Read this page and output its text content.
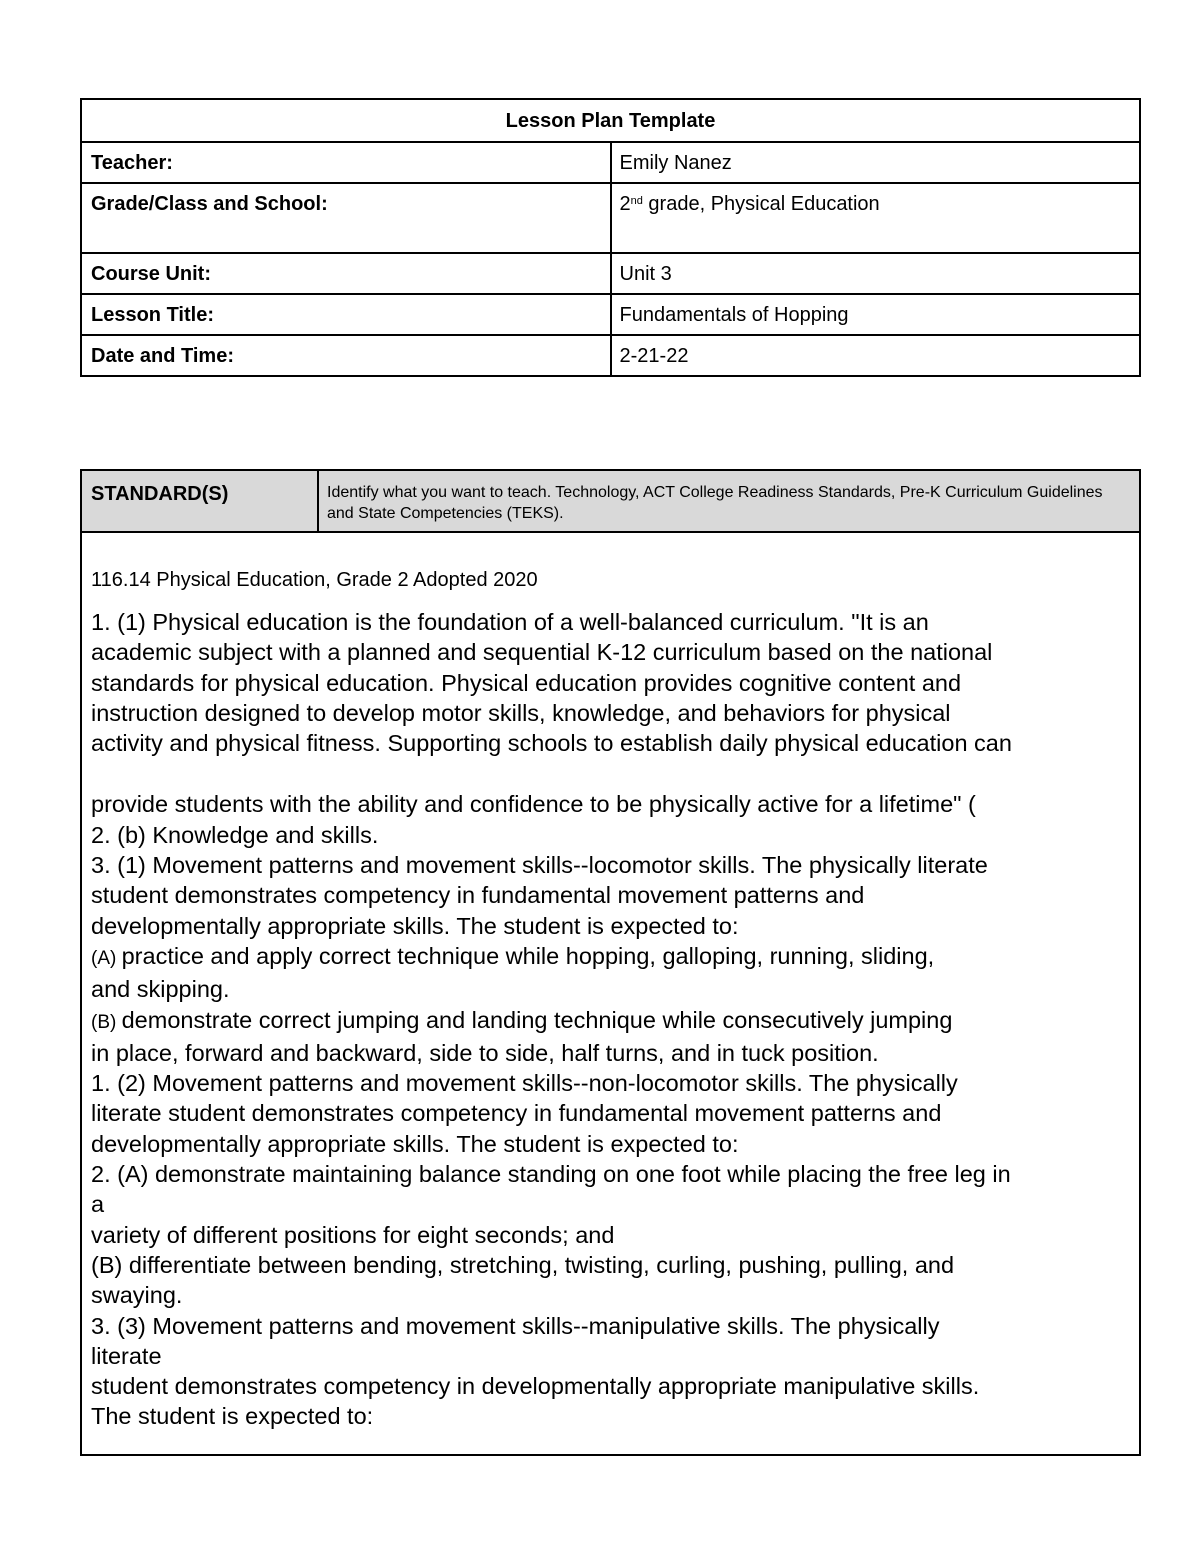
Lesson Plan Template	
Teacher:	Emily Nanez
Grade/Class and School:	2nd grade, Physical Education
Course Unit:	Unit 3
Lesson Title:	Fundamentals of Hopping
Date and Time:	2-21-22
STANDARD(S)	Identify what you want to teach. Technology, ACT College Readiness Standards, Pre-K Curriculum Guidelines and State Competencies (TEKS).

116.14 Physical Education, Grade 2 Adopted 2020

1. (1) Physical education is the foundation of a well-balanced curriculum. "It is an

academic subject with a planned and sequential K-12 curriculum based on the national

standards for physical education. Physical education provides cognitive content and

instruction designed to develop motor skills, knowledge, and behaviors for physical

activity and physical fitness. Supporting schools to establish daily physical education can

provide students with the ability and confidence to be physically active for a lifetime" (

2. (b) Knowledge and skills.

3. (1) Movement patterns and movement skills--locomotor skills. The physically literate

student demonstrates competency in fundamental movement patterns and

developmentally appropriate skills. The student is expected to:

(A) practice and apply correct technique while hopping, galloping, running, sliding,

and skipping.

(B) demonstrate correct jumping and landing technique while consecutively jumping

in place, forward and backward, side to side, half turns, and in tuck position.

1. (2) Movement patterns and movement skills--non-locomotor skills. The physically

literate student demonstrates competency in fundamental movement patterns and

developmentally appropriate skills. The student is expected to:

2. (A) demonstrate maintaining balance standing on one foot while placing the free leg in

a

variety of different positions for eight seconds; and

(B) differentiate between bending, stretching, twisting, curling, pushing, pulling, and

swaying.

3. (3) Movement patterns and movement skills--manipulative skills. The physically

literate

student demonstrates competency in developmentally appropriate manipulative skills.

The student is expected to:
